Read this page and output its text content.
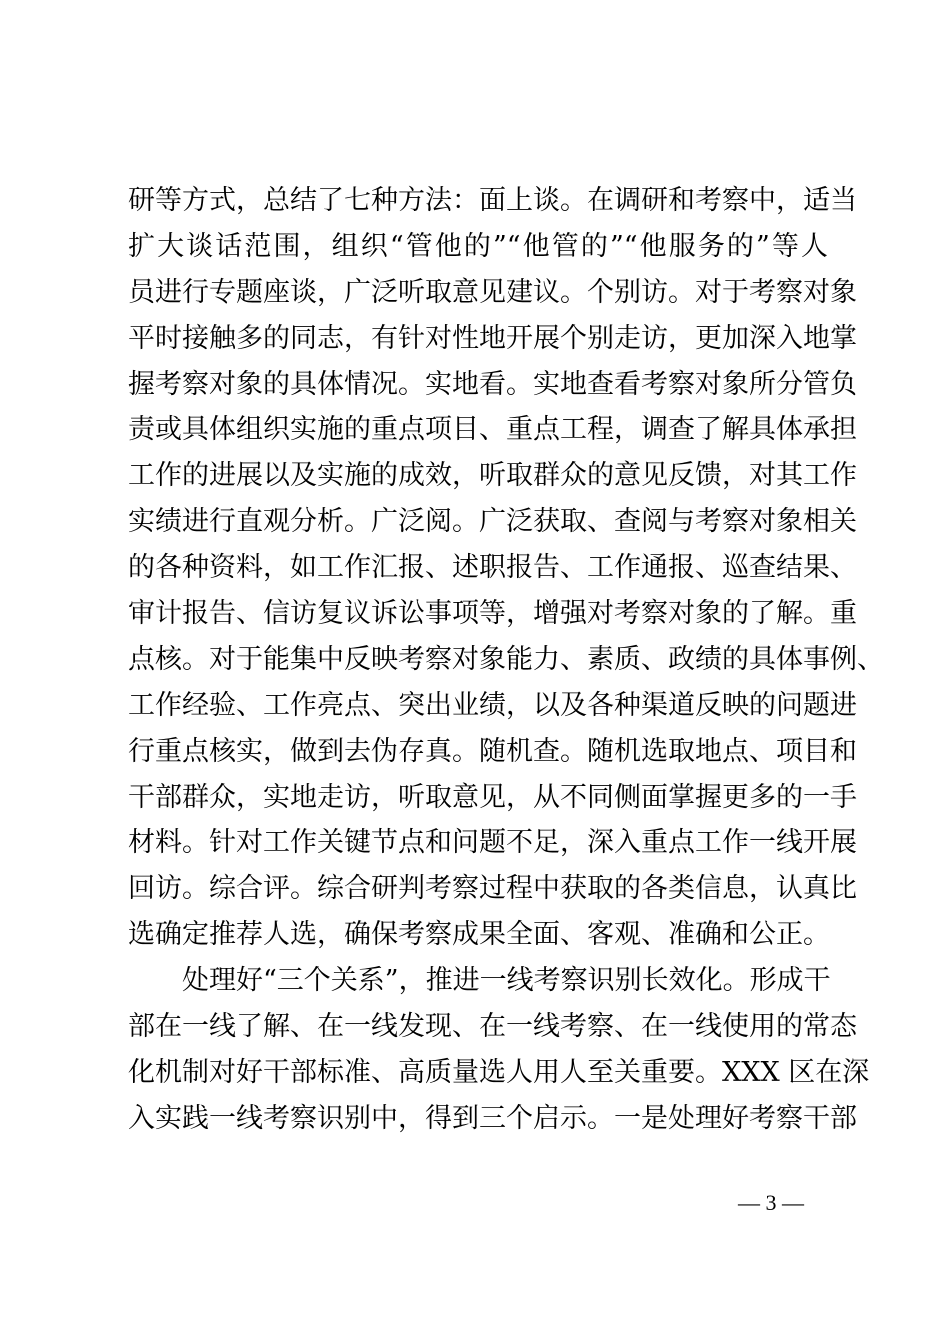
研等方式，总结了七种方法：面上谈。在调研和考察中，适当
扩大谈话范围，组织“管他的”“他管的”“他服务的”等人
员进行专题座谈，广泛听取意见建议。个别访。对于考察对象
平时接触多的同志，有针对性地开展个别走访，更加深入地掌
握考察对象的具体情况。实地看。实地查看考察对象所分管负
责或具体组织实施的重点项目、重点工程，调查了解具体承担
工作的进展以及实施的成效，听取群众的意见反馈，对其工作
实绩进行直观分析。广泛阅。广泛获取、查阅与考察对象相关
的各种资料，如工作汇报、述职报告、工作通报、巡查结果、
审计报告、信访复议诉讼事项等，增强对考察对象的了解。重
点核。对于能集中反映考察对象能力、素质、政绩的具体事例、
工作经验、工作亮点、突出业绩，以及各种渠道反映的问题进
行重点核实，做到去伪存真。随机查。随机选取地点、项目和
干部群众，实地走访，听取意见，从不同侧面掌握更多的一手
材料。针对工作关键节点和问题不足，深入重点工作一线开展
回访。综合评。综合研判考察过程中获取的各类信息，认真比
选确定推荐人选，确保考察成果全面、客观、准确和公正。
处理好“三个关系”，推进一线考察识别长效化。形成干
部在一线了解、在一线发现、在一线考察、在一线使用的常态
化机制对好干部标准、高质量选人用人至关重要。XXX 区在深
入实践一线考察识别中，得到三个启示。一是处理好考察干部
— 3 —
